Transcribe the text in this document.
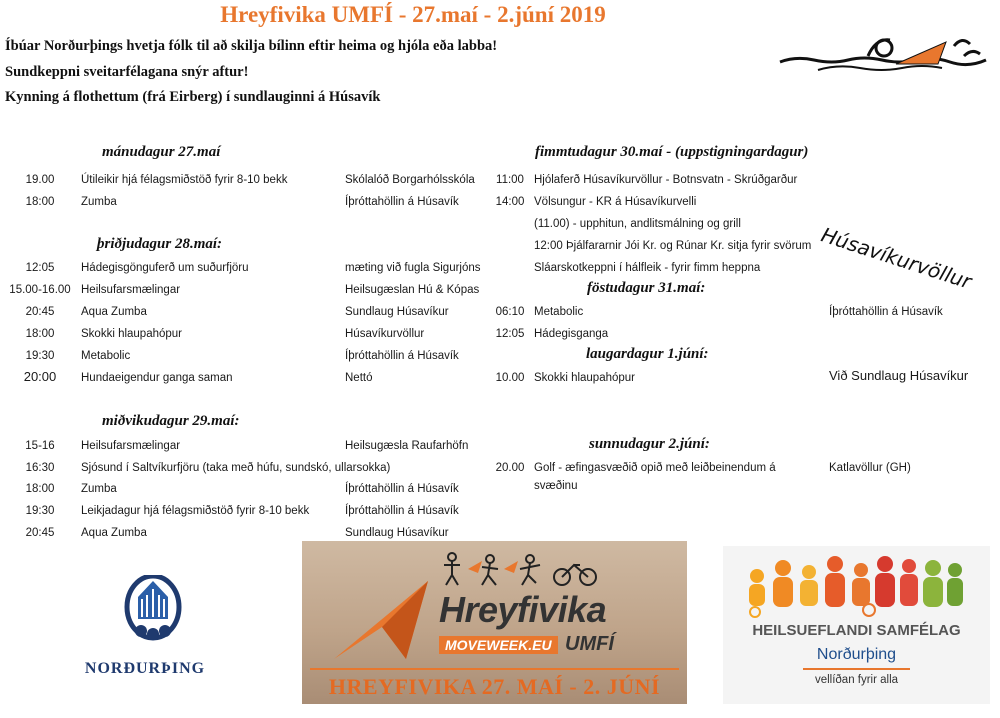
Hreyfivika UMFÍ - 27.maí - 2.júní 2019
Íbúar Norðurþings hvetja fólk til að skilja bílinn eftir heima og hjóla eða labba!
Sundkeppni sveitarfélagana snýr aftur!
Kynning á flothettum (frá Eirberg) í sundlauginni á Húsavík
mánudagur 27.maí
19.00	Útileikir hjá félagsmiðstöð fyrir 8-10 bekk	Skólalóð Borgarhólsskóla
18:00	Zumba	Íþróttahöllin á Húsavík
þriðjudagur 28.maí:
12:05	Hádegisgönguferð um suðurfjöru	mæting við fugla Sigurjóns
15.00-16.00 Heilsufarsmælingar	Heilsugæslan Hú & Kópas
20:45	Aqua Zumba	Sundlaug Húsavíkur
18:00	Skokki hlaupahópur	Húsavíkurvöllur
19:30	Metabolic	Íþróttahöllin á Húsavík
20:00	Hundaeigendur ganga saman	Nettó
miðvikudagur 29.maí:
15-16	Heilsufarsmælingar	Heilsugæsla Raufarhöfn
16:30	Sjósund í Saltvíkurfjöru (taka með húfu, sundskó, ullarsokka)
18:00	Zumba	Íþróttahöllin á Húsavík
19:30	Leikjadagur hjá félagsmiðstöð fyrir 8-10 bekk	Íþróttahöllin á Húsavík
20:45	Aqua Zumba	Sundlaug Húsavíkur
fimmtudagur 30.maí - (uppstigningardagur)
11:00 Hjólaferð Húsavíkurvöllur - Botnsvatn - Skrúðgarður
14:00 Völsungur - KR á Húsavíkurvelli
(11.00) - upphitun, andlitsmálning og grill
12:00 Þjálfararnir Jói Kr. og Rúnar Kr. sitja fyrir svörum
Sláarskotkeppni í hálfleik - fyrir fimm heppna	Húsavíkurvöllur
föstudagur 31.maí:
06:10 Metabolic	Íþróttahöllin á Húsavík
12:05 Hádegisganga
laugardagur 1.júní:
10.00 Skokki hlaupahópur	Við Sundlaug Húsavíkur
sunnudagur 2.júní:
20.00 Golf - æfingasvæðið opið með leiðbeinendum á svæðinu
Katlavöllur (GH)
NORÐURÞING
Hreyfivika
MOVEWEEK.EU UMFÍ
HREYFIVIKA 27. MAÍ - 2. JÚNÍ
HEILSUEFLANDI SAMFÉLAG
Norðurþing
vellíðan fyrir alla
